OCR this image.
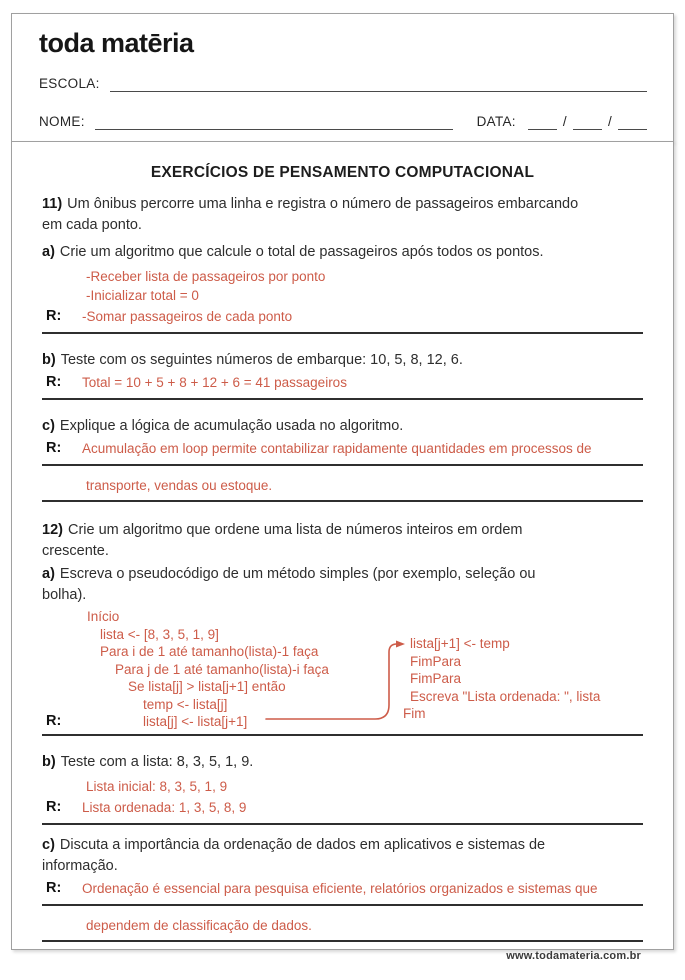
toda matēria
ESCOLA:
NOME:	DATA:	/	/
EXERCÍCIOS DE PENSAMENTO COMPUTACIONAL
11) Um ônibus percorre uma linha e registra o número de passageiros embarcando
em cada ponto.
a) Crie um algoritmo que calcule o total de passageiros após todos os pontos.
-Receber lista de passageiros por ponto
-Inicializar total = 0
R:	-Somar passageiros de cada ponto
b) Teste com os seguintes números de embarque: 10, 5, 8, 12, 6.
R:	Total = 10 + 5 + 8 + 12 + 6 = 41 passageiros
c) Explique a lógica de acumulação usada no algoritmo.
R:	Acumulação em loop permite contabilizar rapidamente quantidades em processos de
transporte, vendas ou estoque.
12) Crie um algoritmo que ordene uma lista de números inteiros em ordem
crescente.
a) Escreva o pseudocódigo de um método simples (por exemplo, seleção ou
bolha).
Início
lista <- [8, 3, 5, 1, 9]
Para i de 1 até tamanho(lista)-1 faça
Para j de 1 até tamanho(lista)-i faça
Se lista[j] > lista[j+1] então
temp <- lista[j]
lista[j] <- lista[j+1]
lista[j+1] <- temp
FimPara
FimPara
Escreva "Lista ordenada: ", lista
Fim
R:
b) Teste com a lista: 8, 3, 5, 1, 9.
Lista inicial: 8, 3, 5, 1, 9
R:	Lista ordenada: 1, 3, 5, 8, 9
c) Discuta a importância da ordenação de dados em aplicativos e sistemas de
informação.
R:	Ordenação é essencial para pesquisa eficiente, relatórios organizados e sistemas que
dependem de classificação de dados.
www.todamateria.com.br
